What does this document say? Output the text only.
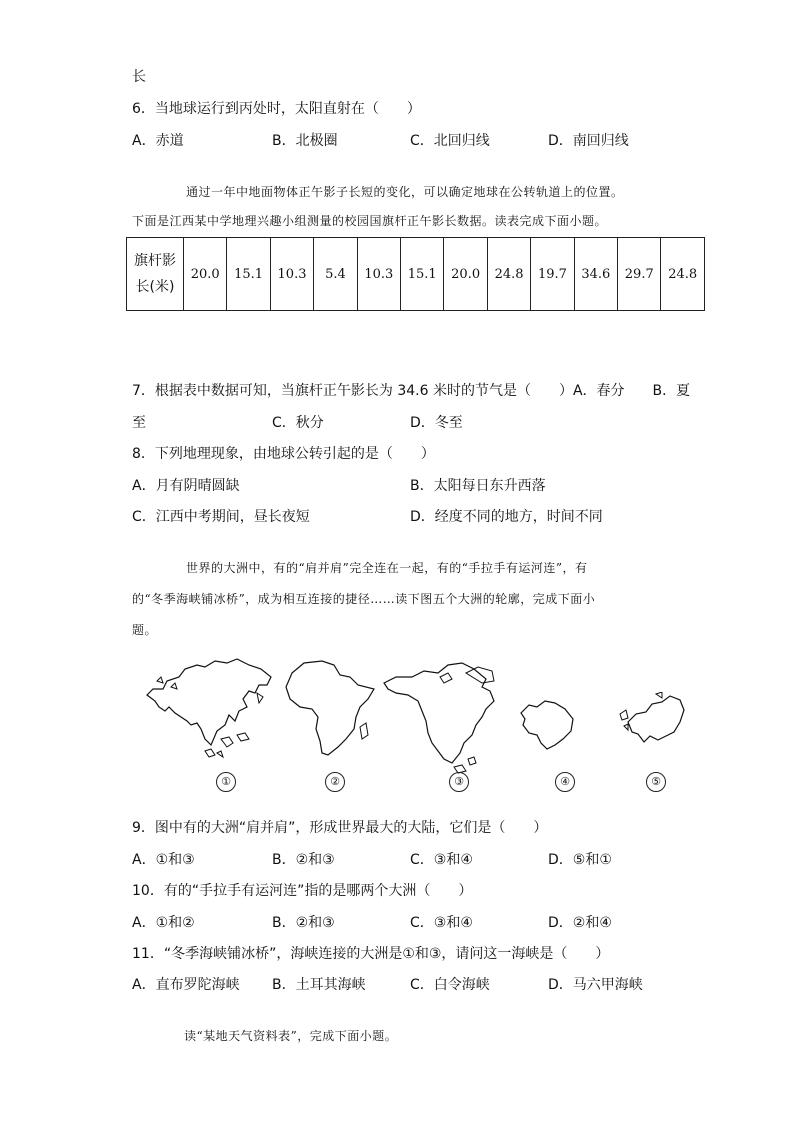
长
6．当地球运行到丙处时，太阳直射在（　　）
A．赤道	B．北极圈	C．北回归线	D．南回归线
通过一年中地面物体正午影子长短的变化，可以确定地球在公转轨道上的位置。
下面是江西某中学地理兴趣小组测量的校园国旗杆正午影长数据。读表完成下面小题。
旗杆影
长(米)	20.0	15.1	10.3	5.4	10.3	15.1	20.0	24.8	19.7	34.6	29.7	24.8
7．根据表中数据可知，当旗杆正午影长为 34.6 米时的节气是（　　）A．春分　　B．夏
至	C．秋分	D．冬至
8．下列地理现象，由地球公转引起的是（　　）
A．月有阴晴圆缺	B．太阳每日东升西落
C．江西中考期间，昼长夜短	D．经度不同的地方，时间不同
世界的大洲中，有的“肩并肩”完全连在一起，有的“手拉手有运河连”，有
的“冬季海峡铺冰桥”，成为相互连接的捷径……读下图五个大洲的轮廓，完成下面小
题。
①	②	③	④	⑤
9．图中有的大洲“肩并肩”，形成世界最大的大陆，它们是（　　）
A．①和③	B．②和③	C．③和④	D．⑤和①
10．有的“手拉手有运河连”指的是哪两个大洲（　　）
A．①和②	B．②和③	C．③和④	D．②和④
11．“冬季海峡铺冰桥”，海峡连接的大洲是①和③，请问这一海峡是（　　）
A．直布罗陀海峡 B．土耳其海峡	C．白令海峡	D．马六甲海峡
读“某地天气资料表”，完成下面小题。
